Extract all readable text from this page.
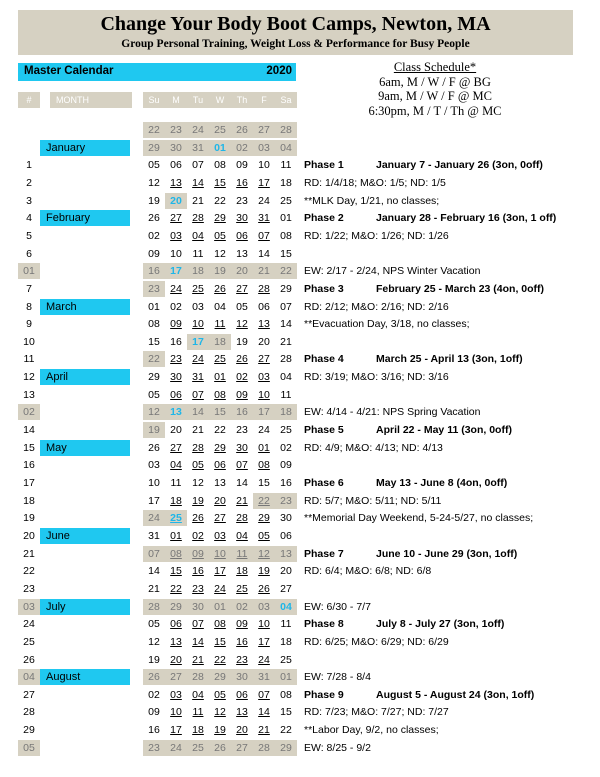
Change Your Body Boot Camps, Newton, MA
Group Personal Training, Weight Loss & Performance for Busy People
Master Calendar	2020	Class Schedule*
6am, M / W / F @ BG
9am, M / W / F @ MC
6:30pm, M / T / Th @ MC
#	MONTH	Su	M	Tu	W	Th	F	Sa
22 23 24 25 26 27 28
January	29 30 31 01 02 03 04
1	05 06 07 08 09 10	11	Phase 1	January 7 - January 26 (3on, 0off)
2	12 13 14 15 16 17 18	RD: 1/4/18; M&O: 1/5; ND: 1/5
3	19 20 21 22 23 24 25	**MLK Day, 1/21, no classes;
4	February	26 27 28 29 30 31 01	Phase 2	January 28 - February 16 (3on, 1 off)
5	02 03 04 05 06 07 08	RD: 1/22; M&O: 1/26; ND: 1/26
6	09 10	11	12 13 14 15
01	16 17 18 19 20 21 22	EW: 2/17 - 2/24, NPS Winter Vacation
7	23 24 25 26 27 28 29	Phase 3	February 25 - March 23 (4on, 0off)
8	March	01 02 03 04 05 06 07	RD: 2/12; M&O: 2/16; ND: 2/16
9	08 09 10	11	12 13 14	**Evacuation Day, 3/18, no classes;
10	15 16 17 18 19 20 21
11	22 23 24 25 26 27 28	Phase 4	March 25 - April 13 (3on, 1off)
12	April	29 30 31 01 02 03 04	RD: 3/19; M&O: 3/16; ND: 3/16
13	05 06 07 08 09 10	11
02	12 13 14 15 16 17 18	EW: 4/14 - 4/21: NPS Spring Vacation
14	19 20 21 22 23 24 25	Phase 5	April 22 - May 11 (3on, 0off)
15	May	26 27 28 29 30 01 02	RD: 4/9; M&O: 4/13; ND: 4/13
16	03 04 05 06 07 08 09
17	10	11	12 13 14 15 16	Phase 6	May 13 - June 8 (4on, 0off)
18	17 18 19 20 21 22 23	RD: 5/7; M&O: 5/11; ND: 5/11
19	24 25 26 27 28 29 30	**Memorial Day Weekend, 5-24-5/27, no classes;
20	June	31 01 02 03 04 05 06
21	07 08 09 10	11	12 13	Phase 7	June 10 - June 29 (3on, 1off)
22	14 15 16 17 18 19 20	RD: 6/4; M&O: 6/8; ND: 6/8
23	21 22 23 24 25 26 27
03	July	28 29 30 01 02 03 04	EW: 6/30 - 7/7
24	05 06 07 08 09 10	11	Phase 8	July 8 - July 27 (3on, 1off)
25	12 13 14 15 16 17 18	RD: 6/25; M&O: 6/29; ND: 6/29
26	19 20 21 22 23 24 25
04	August	26 27 28 29 30 31 01	EW: 7/28 - 8/4
27	02 03 04 05 06 07 08	Phase 9	August 5 - August 24 (3on, 1off)
28	09 10	11	12 13 14 15	RD: 7/23; M&O: 7/27; ND: 7/27
29	16 17 18 19 20 21 22	**Labor Day, 9/2, no classes;
05	23 24 25 26 27 28 29	EW: 8/25 - 9/2
